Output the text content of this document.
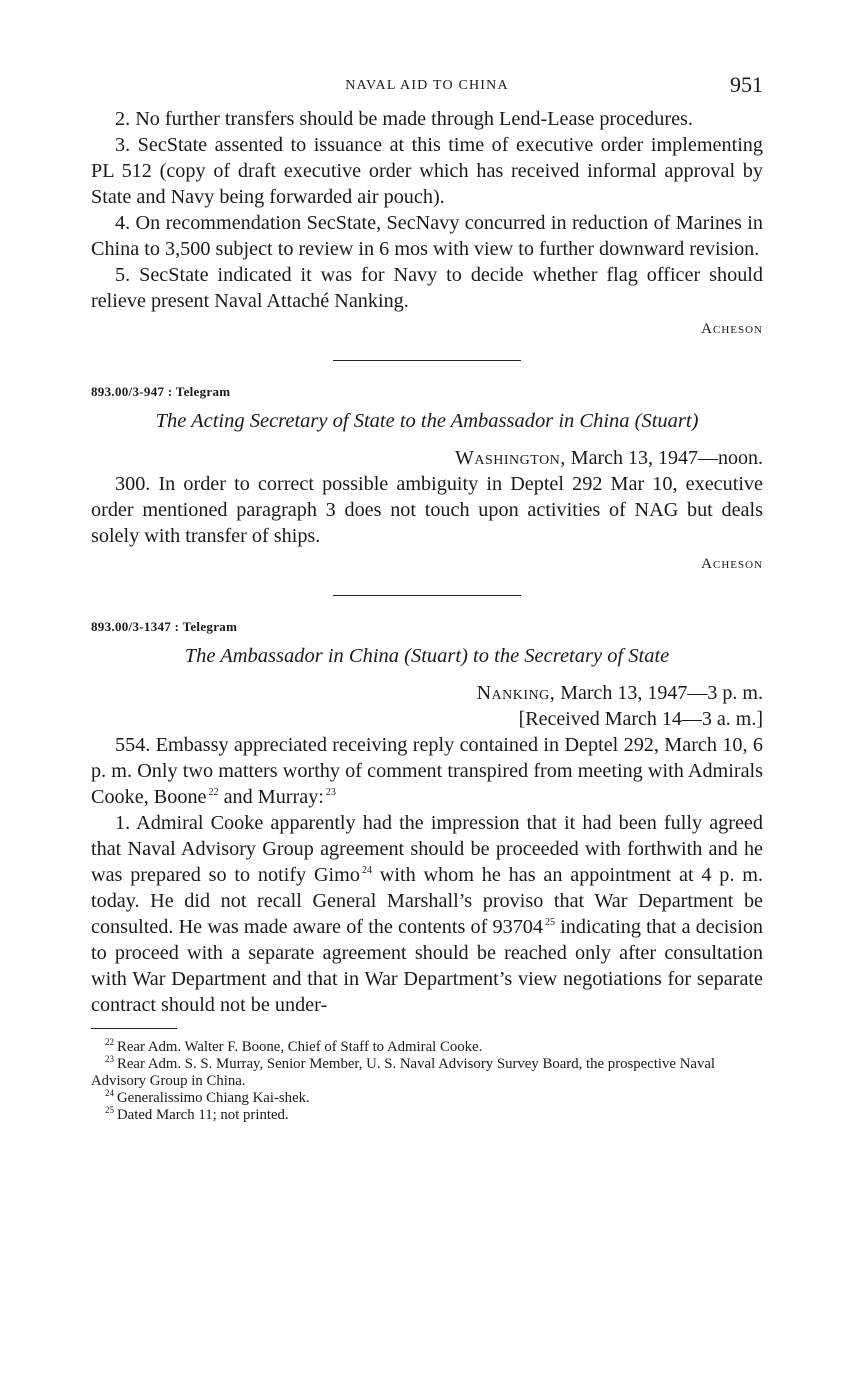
NAVAL AID TO CHINA	951

2. No further transfers should be made through Lend-Lease procedures.

3. SecState assented to issuance at this time of executive order implementing PL 512 (copy of draft executive order which has received informal approval by State and Navy being forwarded air pouch).

4. On recommendation SecState, SecNavy concurred in reduction of Marines in China to 3,500 subject to review in 6 mos with view to further downward revision.

5. SecState indicated it was for Navy to decide whether flag officer should relieve present Naval Attaché Nanking.

Acheson
893.00/3-947 : Telegram
The Acting Secretary of State to the Ambassador in China (Stuart)
Washington, March 13, 1947—noon.

300. In order to correct possible ambiguity in Deptel 292 Mar 10, executive order mentioned paragraph 3 does not touch upon activities of NAG but deals solely with transfer of ships.

Acheson
893.00/3-1347 : Telegram
The Ambassador in China (Stuart) to the Secretary of State
Nanking, March 13, 1947—3 p. m.
[Received March 14—3 a. m.]

554. Embassy appreciated receiving reply contained in Deptel 292, March 10, 6 p. m. Only two matters worthy of comment transpired from meeting with Admirals Cooke, Boone $^{22}$ and Murray: $^{23}$

1. Admiral Cooke apparently had the impression that it had been fully agreed that Naval Advisory Group agreement should be proceeded with forthwith and he was prepared so to notify Gimo $^{24}$ with whom he has an appointment at 4 p. m. today. He did not recall General Marshall’s proviso that War Department be consulted. He was made aware of the contents of 93704 $^{25}$ indicating that a decision to proceed with a separate agreement should be reached only after consultation with War Department and that in War Department’s view negotiations for separate contract should not be under-

$^{22}$ Rear Adm. Walter F. Boone, Chief of Staff to Admiral Cooke.

$^{23}$ Rear Adm. S. S. Murray, Senior Member, U. S. Naval Advisory Survey Board, the prospective Naval Advisory Group in China.

$^{24}$ Generalissimo Chiang Kai-shek.

$^{25}$ Dated March 11; not printed.
